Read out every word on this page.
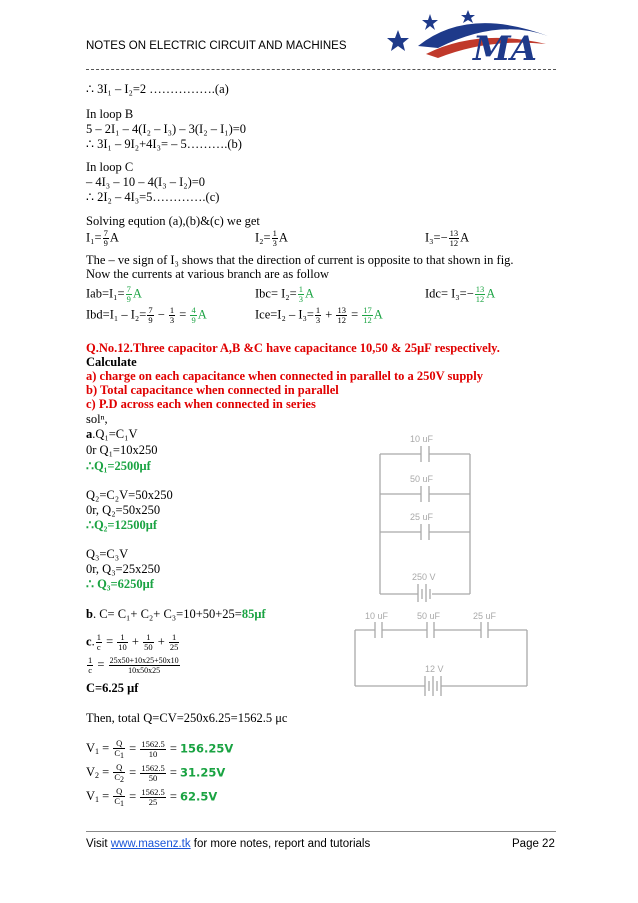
NOTES ON ELECTRIC CIRCUIT AND MACHINES	MA
∴ 3I₁ – I₂=2 …………….(a)
In loop B
5 – 2I₁ – 4(I₂ – I₃) – 3(I₂ – I₁)=0
∴ 3I₁ – 9I₂+4I₃= – 5……….(b)
In loop C
– 4I₃ – 10 – 4(I₃ – I₂)=0
∴ 2I₂ – 4I₃=5………….(c)
Solving eqution (a),(b)&(c) we get
$I_1= \frac{7}{9}$ A	$I_2= \frac{1}{3}$ A	$I_3=- \frac{13}{12}$ A
The – ve sign of I₃ shows that the direction of current is opposite to that shown in fig.
Now the currents at various branch are as follow
$Iab=I_1= \frac{7}{9}$ A	$Ibc= I_2= \frac{1}{3}$ A	$Idc= I_3=- \frac{13}{12}$ A
$Ibd=I_1 - I_2= \frac{7}{9} - \frac{1}{3} = \frac{4}{9}$ A	$Ice=I_2 - I_3= \frac{1}{3} + \frac{13}{12} = \frac{17}{12}$ A
Q.No.12.Three capacitor A,B &C have capacitance 10,50 & 25μF respectively.
Calculate
a) charge on each capacitance when connected in parallel to a 250V supply
b) Total capacitance when connected in parallel
c) P.D across each when connected in series
solⁿ,
a.Q₁=C₁V
0r Q₁=10x250
∴Q₁=2500μf
Q₂=C₂V=50x250
0r, Q₂=50x250
∴Q₂=12500μf
Q₃=C₃V
0r, Q₃=25x250
∴ Q₃=6250μf
b. C= C₁+ C₂+ C₃=10+50+25=85μf
c. $\frac{1}{c} = \frac{1}{10} + \frac{1}{50} + \frac{1}{25}$
$\frac{1}{c} = \frac{25x50+10x25+50x10}{10x50x25}$
C=6.25 μf
Then, total Q=CV=250x6.25=1562.5 μc
$V_1 = \frac{Q}{C_1} = \frac{1562.5}{10} = 156.25V$
$V_2 = \frac{Q}{C_2} = \frac{1562.5}{50} = 31.25V$
$V_1 = \frac{Q}{C_1} = \frac{1562.5}{25} = 62.5V$
10 uF
50 uF
25 uF
250 V
10 uF	50 uF	25 uF
12 V
Visit www.masenz.tk for more notes, report and tutorials	Page 22
